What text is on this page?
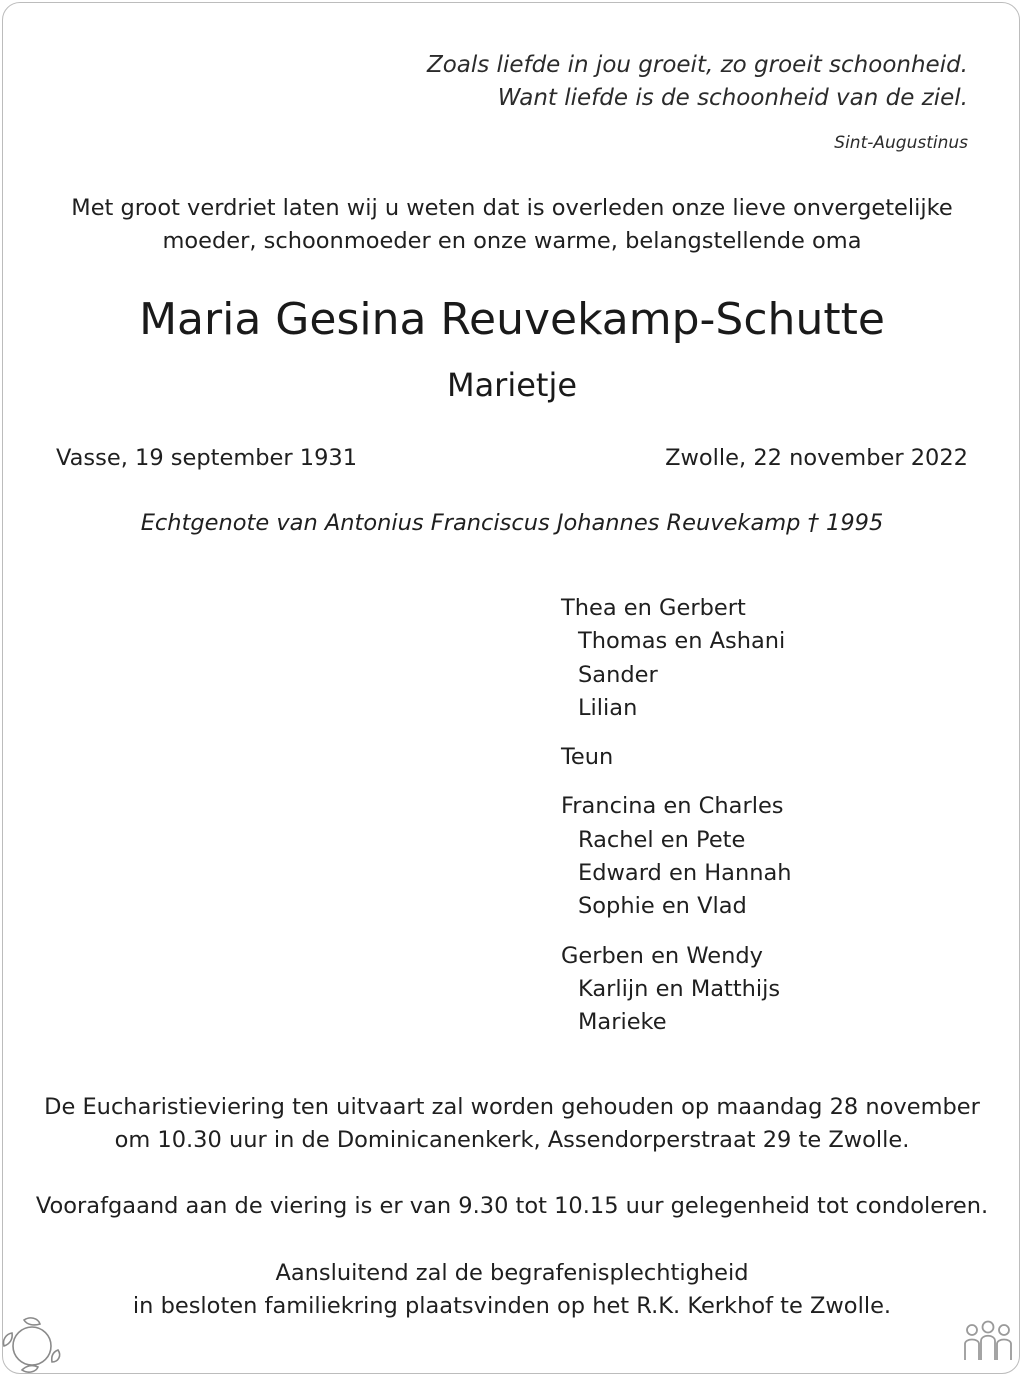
Zoals liefde in jou groeit, zo groeit schoonheid.
Want liefde is de schoonheid van de ziel.
Sint-Augustinus
Met groot verdriet laten wij u weten dat is overleden onze lieve onvergetelijke
moeder, schoonmoeder en onze warme, belangstellende oma
Maria Gesina Reuvekamp-Schutte
Marietje
Vasse, 19 september 1931	Zwolle, 22 november 2022
Echtgenote van Antonius Franciscus Johannes Reuvekamp † 1995
Thea en Gerbert
Thomas en Ashani
Sander
Lilian
Teun
Francina en Charles
Rachel en Pete
Edward en Hannah
Sophie en Vlad
Gerben en Wendy
Karlijn en Matthijs
Marieke
De Eucharistieviering ten uitvaart zal worden gehouden op maandag 28 november
om 10.30 uur in de Dominicanenkerk, Assendorperstraat 29 te Zwolle.
Voorafgaand aan de viering is er van 9.30 tot 10.15 uur gelegenheid tot condoleren.
Aansluitend zal de begrafenisplechtigheid
in besloten familiekring plaatsvinden op het R.K. Kerkhof te Zwolle.
